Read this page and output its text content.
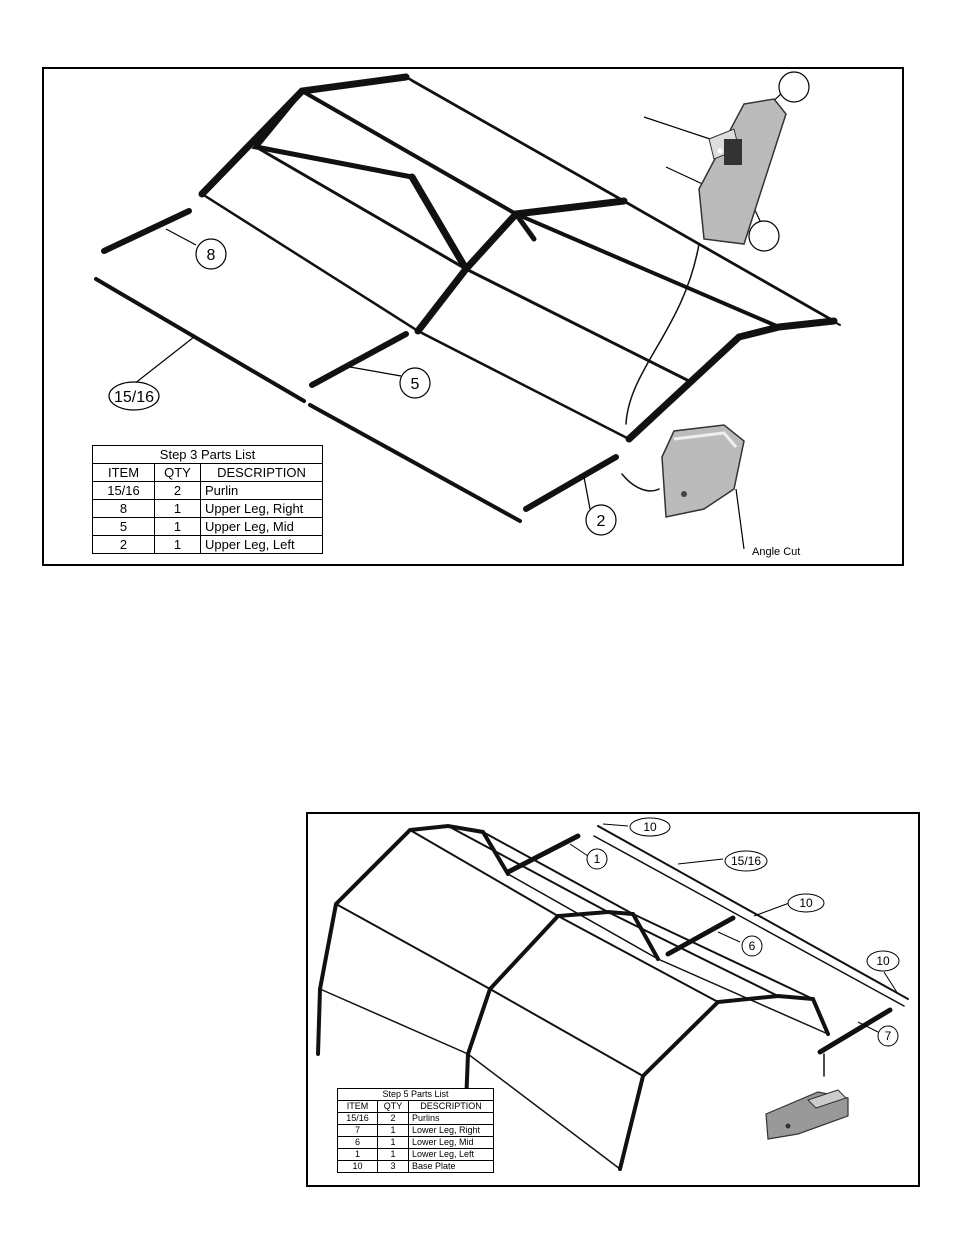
8
15/16
5
2
Angle Cut
Step 3 Parts List		
ITEM	QTY	DESCRIPTION
15/16	2	Purlin
8	1	Upper Leg, Right
5	1	Upper Leg, Mid
2	1	Upper Leg, Left
10
1	15/16
10
6
10
7
Step 5 Parts List		
ITEM	QTY	DESCRIPTION
15/16	2	Purlins
7	1	Lower Leg, Right
6	1	Lower Leg, Mid
1	1	Lower Leg, Left
10	3	Base Plate
